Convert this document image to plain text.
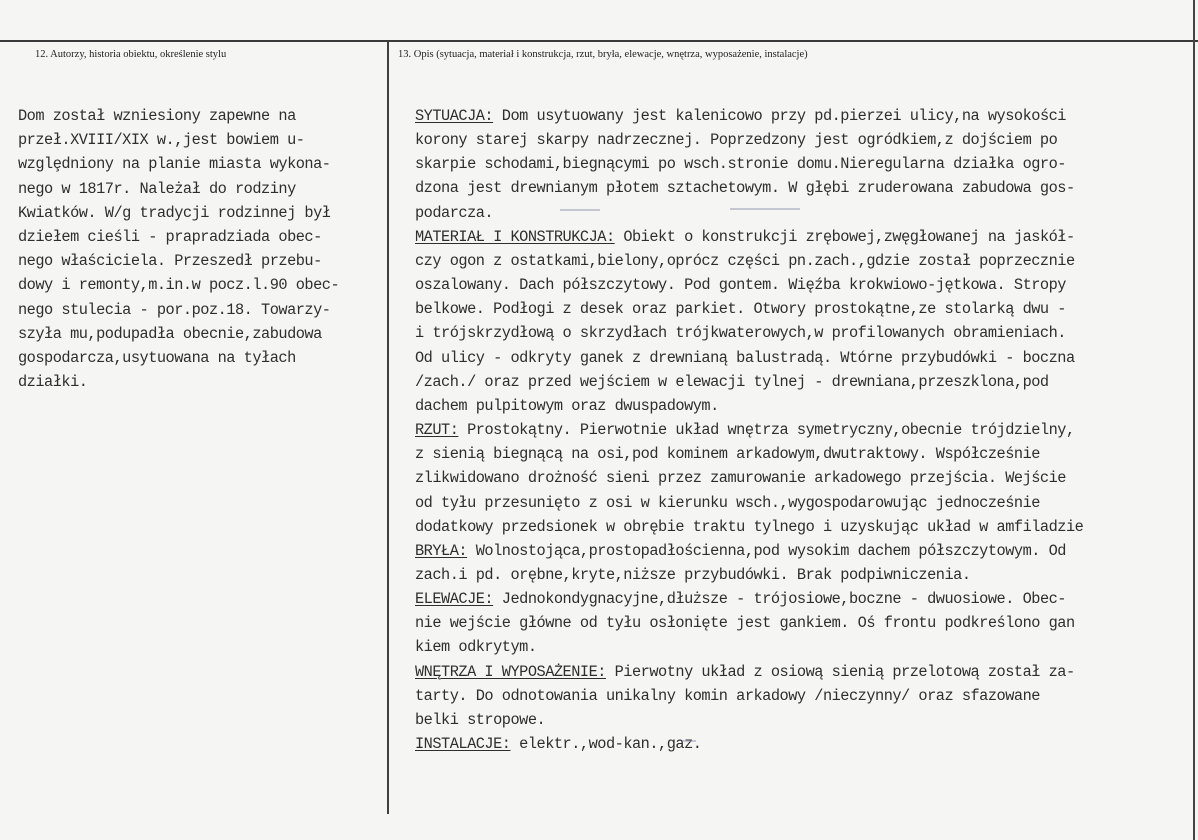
12. Autorzy, historia obiektu, określenie stylu	13. Opis (sytuacja, materiał i konstrukcja, rzut, bryła, elewacje, wnętrza, wyposażenie, instalacje)
Dom został wzniesiony zapewne na
przeł.XVIII/XIX w.,jest bowiem u-
wzglȩdniony na planie miasta wykona-
nego w 1817r. Należał do rodziny
Kwiatków. W/g tradycji rodzinnej był
dziełem cieśli - prapradziada obec-
nego właściciela. Przeszedł przebu-
dowy i remonty,m.in.w pocz.l.90 obec-
nego stulecia - por.poz.18. Towarzy-
szyła mu,podupadła obecnie,zabudowa
gospodarcza,usytuowana na tyłach
działki.
SYTUACJA: Dom usytuowany jest kalenicowo przy pd.pierzei ulicy,na wysokości
korony starej skarpy nadrzecznej. Poprzedzony jest ogródkiem,z dojściem po
skarpie schodami,biegnącymi po wsch.stronie domu.Nieregularna działka ogro-
dzona jest drewnianym płotem sztachetowym. W głębi zruderowana zabudowa gos-
podarcza.
MATERIAŁ I KONSTRUKCJA: Obiekt o konstrukcji zrębowej,zwęgłowanej na jaskół-
czy ogon z ostatkami,bielony,oprócz części pn.zach.,gdzie został poprzecznie
oszalowany. Dach półszczytowy. Pod gontem. Więźba krokwiowo-jętkowa. Stropy
belkowe. Podłogi z desek oraz parkiet. Otwory prostokątne,ze stolarką dwu -
i trójskrzydłową o skrzydłach trójkwaterowych,w profilowanych obramieniach.
Od ulicy - odkryty ganek z drewnianą balustradą. Wtórne przybudówki - boczna
/zach./ oraz przed wejściem w elewacji tylnej - drewniana,przeszklona,pod
dachem pulpitowym oraz dwuspadowym.
RZUT: Prostokątny. Pierwotnie układ wnętrza symetryczny,obecnie trójdzielny,
z sienią biegnącą na osi,pod kominem arkadowym,dwutraktowy. Współcześnie
zlikwidowano drożność sieni przez zamurowanie arkadowego przejścia. Wejście
od tyłu przesunięto z osi w kierunku wsch.,wygospodarowując jednocześnie
dodatkowy przedsionek w obrębie traktu tylnego i uzyskując układ w amfiladzie
BRYŁA: Wolnostojąca,prostopadłościenna,pod wysokim dachem półszczytowym. Od
zach.i pd. orębne,kryte,niższe przybudówki. Brak podpiwniczenia.
ELEWACJE: Jednokondygnacyjne,dłuższe - trójosiowe,boczne - dwuosiowe. Obec-
nie wejście główne od tyłu osłonięte jest gankiem. Oś frontu podkreślono gan
kiem odkrytym.
WNĘTRZA I WYPOSAŻENIE: Pierwotny układ z osiową sienią przelotową został za-
tarty. Do odnotowania unikalny komin arkadowy /nieczynny/ oraz sfazowane
belki stropowe.
INSTALACJE: elektr.,wod-kan.,gaz.
